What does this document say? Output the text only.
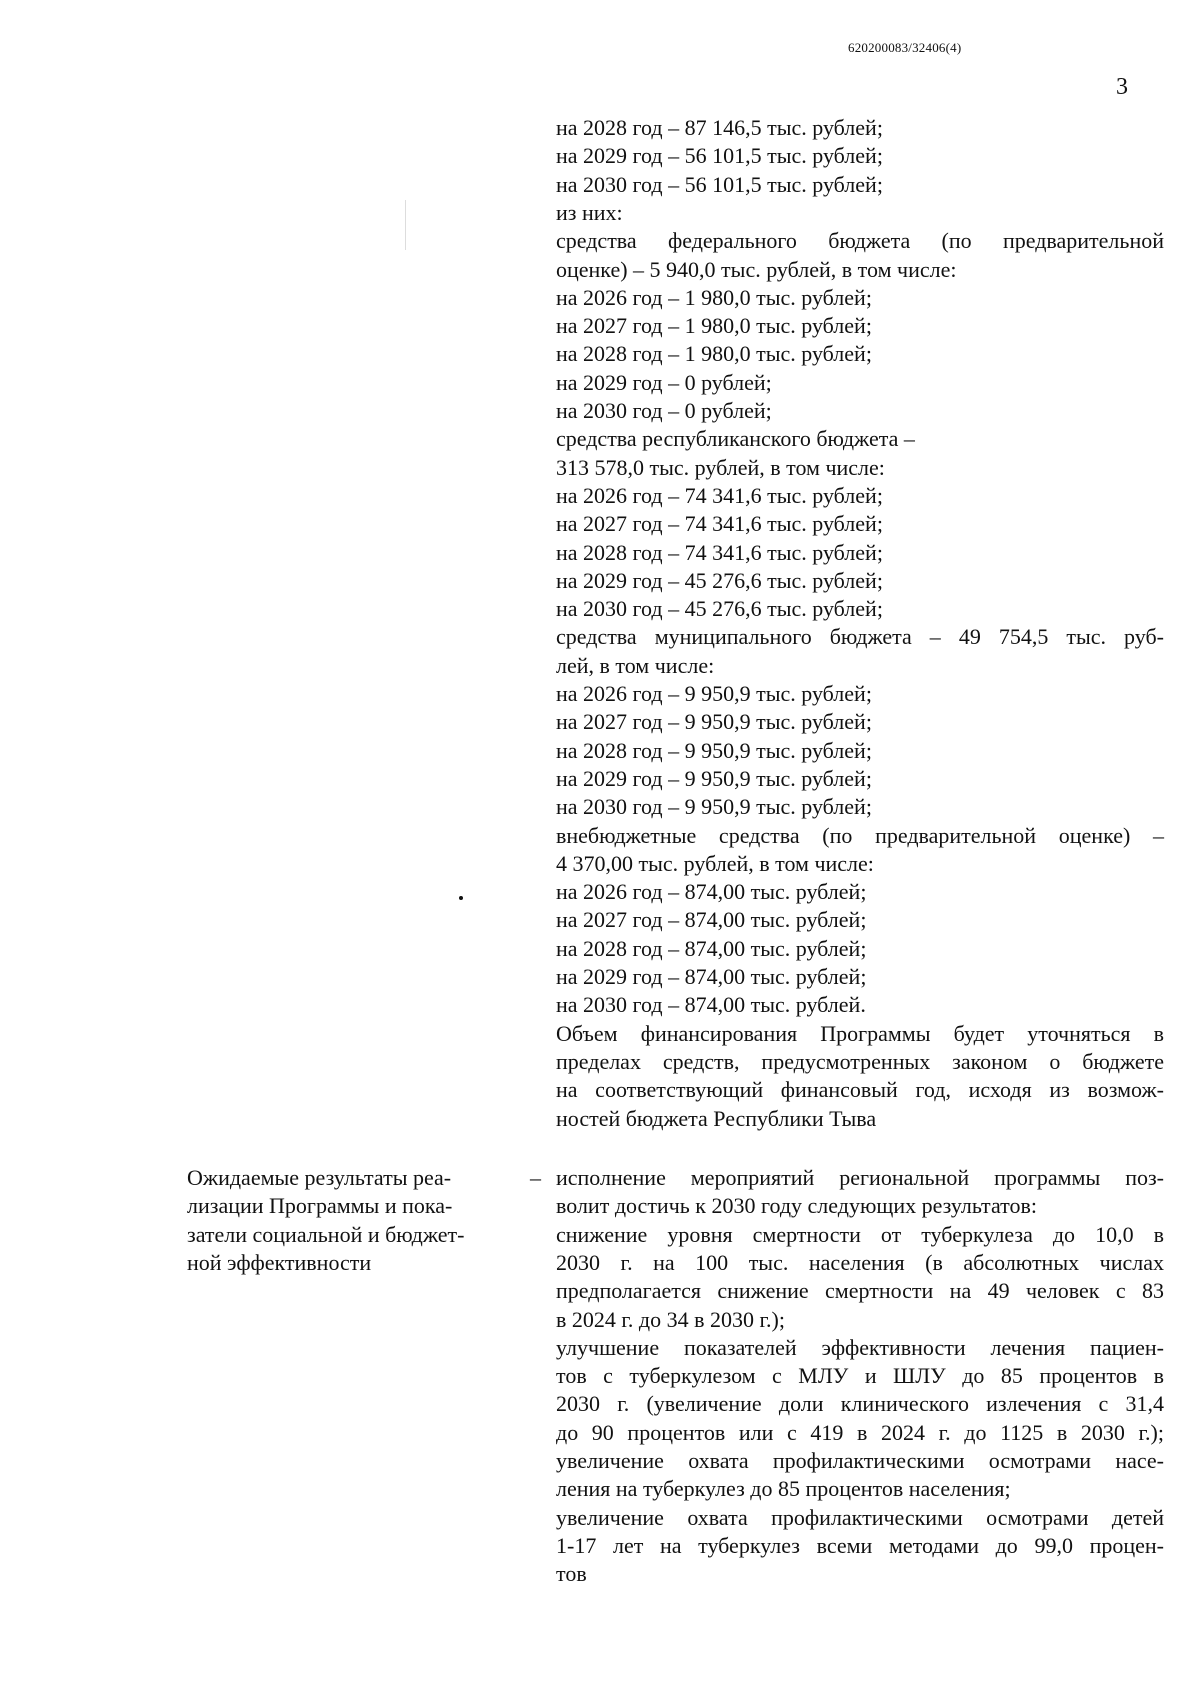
620200083/32406(4)
3
на 2028 год – 87 146,5 тыс. рублей;
на 2029 год – 56 101,5 тыс. рублей;
на 2030 год – 56 101,5 тыс. рублей;
из них:
средства федерального бюджета (по предварительной
оценке) – 5 940,0 тыс. рублей, в том числе:
на 2026 год – 1 980,0 тыс. рублей;
на 2027 год – 1 980,0 тыс. рублей;
на 2028 год – 1 980,0 тыс. рублей;
на 2029 год – 0 рублей;
на 2030 год – 0 рублей;
средства республиканского бюджета –
313 578,0 тыс. рублей, в том числе:
на 2026 год – 74 341,6 тыс. рублей;
на 2027 год – 74 341,6 тыс. рублей;
на 2028 год – 74 341,6 тыс. рублей;
на 2029 год – 45 276,6 тыс. рублей;
на 2030 год – 45 276,6 тыс. рублей;
средства муниципального бюджета – 49 754,5 тыс. руб-
лей, в том числе:
на 2026 год – 9 950,9 тыс. рублей;
на 2027 год – 9 950,9 тыс. рублей;
на 2028 год – 9 950,9 тыс. рублей;
на 2029 год – 9 950,9 тыс. рублей;
на 2030 год – 9 950,9 тыс. рублей;
внебюджетные средства (по предварительной оценке) –
4 370,00 тыс. рублей, в том числе:
на 2026 год – 874,00 тыс. рублей;
на 2027 год – 874,00 тыс. рублей;
на 2028 год – 874,00 тыс. рублей;
на 2029 год – 874,00 тыс. рублей;
на 2030 год – 874,00 тыс. рублей.
Объем финансирования Программы будет уточняться в
пределах средств, предусмотренных законом о бюджете
на соответствующий финансовый год, исходя из возмож-
ностей бюджета Республики Тыва
Ожидаемые результаты реа-
лизации Программы и пока-
затели социальной и бюджет-
ной эффективности
– исполнение мероприятий региональной программы поз-
волит достичь к 2030 году следующих результатов:
снижение уровня смертности от туберкулеза до 10,0 в
2030 г. на 100 тыс. населения (в абсолютных числах
предполагается снижение смертности на 49 человек с 83
в 2024 г. до 34 в 2030 г.);
улучшение показателей эффективности лечения пациен-
тов с туберкулезом с МЛУ и ШЛУ до 85 процентов в
2030 г. (увеличение доли клинического излечения с 31,4
до 90 процентов или с 419 в 2024 г. до 1125 в 2030 г.);
увеличение охвата профилактическими осмотрами насе-
ления на туберкулез до 85 процентов населения;
увеличение охвата профилактическими осмотрами детей
1-17 лет на туберкулез всеми методами до 99,0 процен-
тов
